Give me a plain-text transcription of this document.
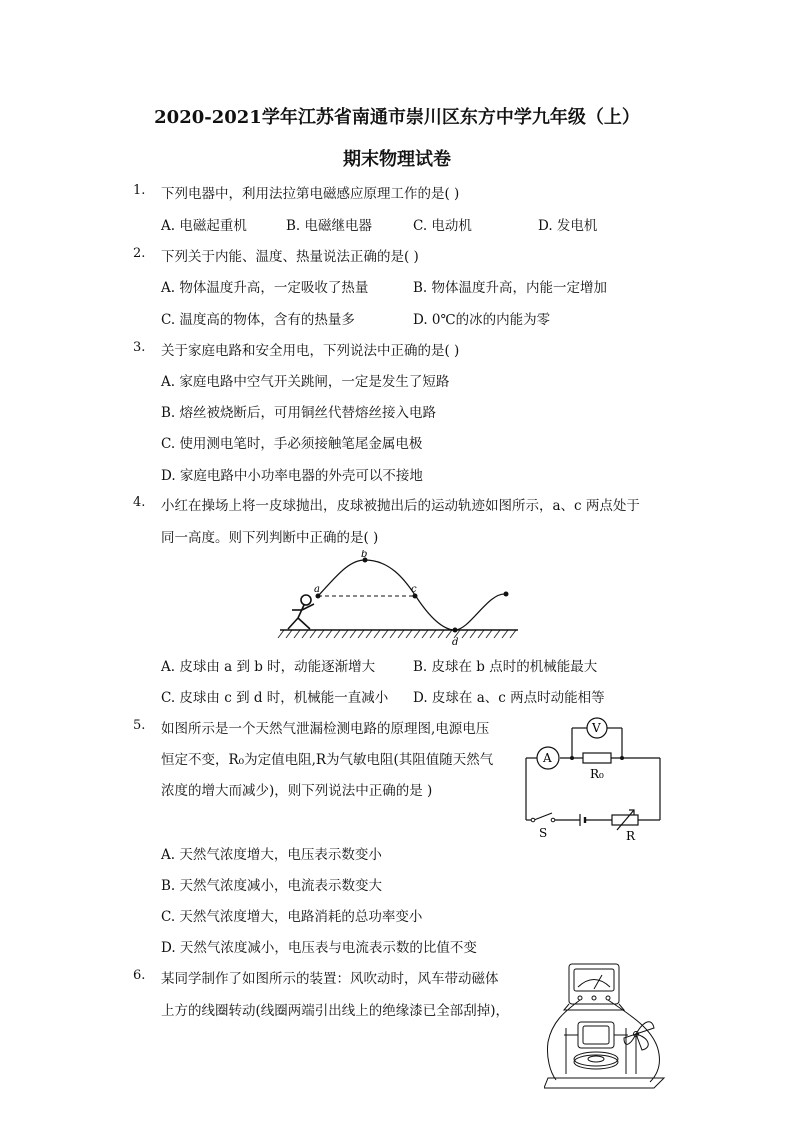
2020-2021学年江苏省南通市崇川区东方中学九年级（上）
期末物理试卷
1. 下列电器中，利用法拉第电磁感应原理工作的是( )
A. 电磁起重机	B. 电磁继电器	C. 电动机	D. 发电机
2. 下列关于内能、温度、热量说法正确的是( )
A. 物体温度升高，一定吸收了热量	B. 物体温度升高，内能一定增加
C. 温度高的物体，含有的热量多	D. 0℃的冰的内能为零
3. 关于家庭电路和安全用电，下列说法中正确的是( )
A. 家庭电路中空气开关跳闸，一定是发生了短路
B. 熔丝被烧断后，可用铜丝代替熔丝接入电路
C. 使用测电笔时，手必须接触笔尾金属电极
D. 家庭电路中小功率电器的外壳可以不接地
4. 小红在操场上将一皮球抛出，皮球被抛出后的运动轨迹如图所示，a、c 两点处于
同一高度。则下列判断中正确的是( )
a
b
c
d
A. 皮球由 a 到 b 时，动能逐渐增大	B. 皮球在 b 点时的机械能最大
C. 皮球由 c 到 d 时，机械能一直减小 D. 皮球在 a、c 两点时动能相等
5. 如图所示是一个天然气泄漏检测电路的原理图,电源电压
恒定不变，R₀为定值电阻,R为气敏电阻(其阻值随天然气
浓度的增大而减少)，则下列说法中正确的是 )
V
A
R₀
S	R
A. 天然气浓度增大，电压表示数变小
B. 天然气浓度减小，电流表示数变大
C. 天然气浓度增大，电路消耗的总功率变小
D. 天然气浓度减小，电压表与电流表示数的比值不变
6. 某同学制作了如图所示的装置：风吹动时，风车带动磁体
上方的线圈转动(线圈两端引出线上的绝缘漆已全部刮掉)，
